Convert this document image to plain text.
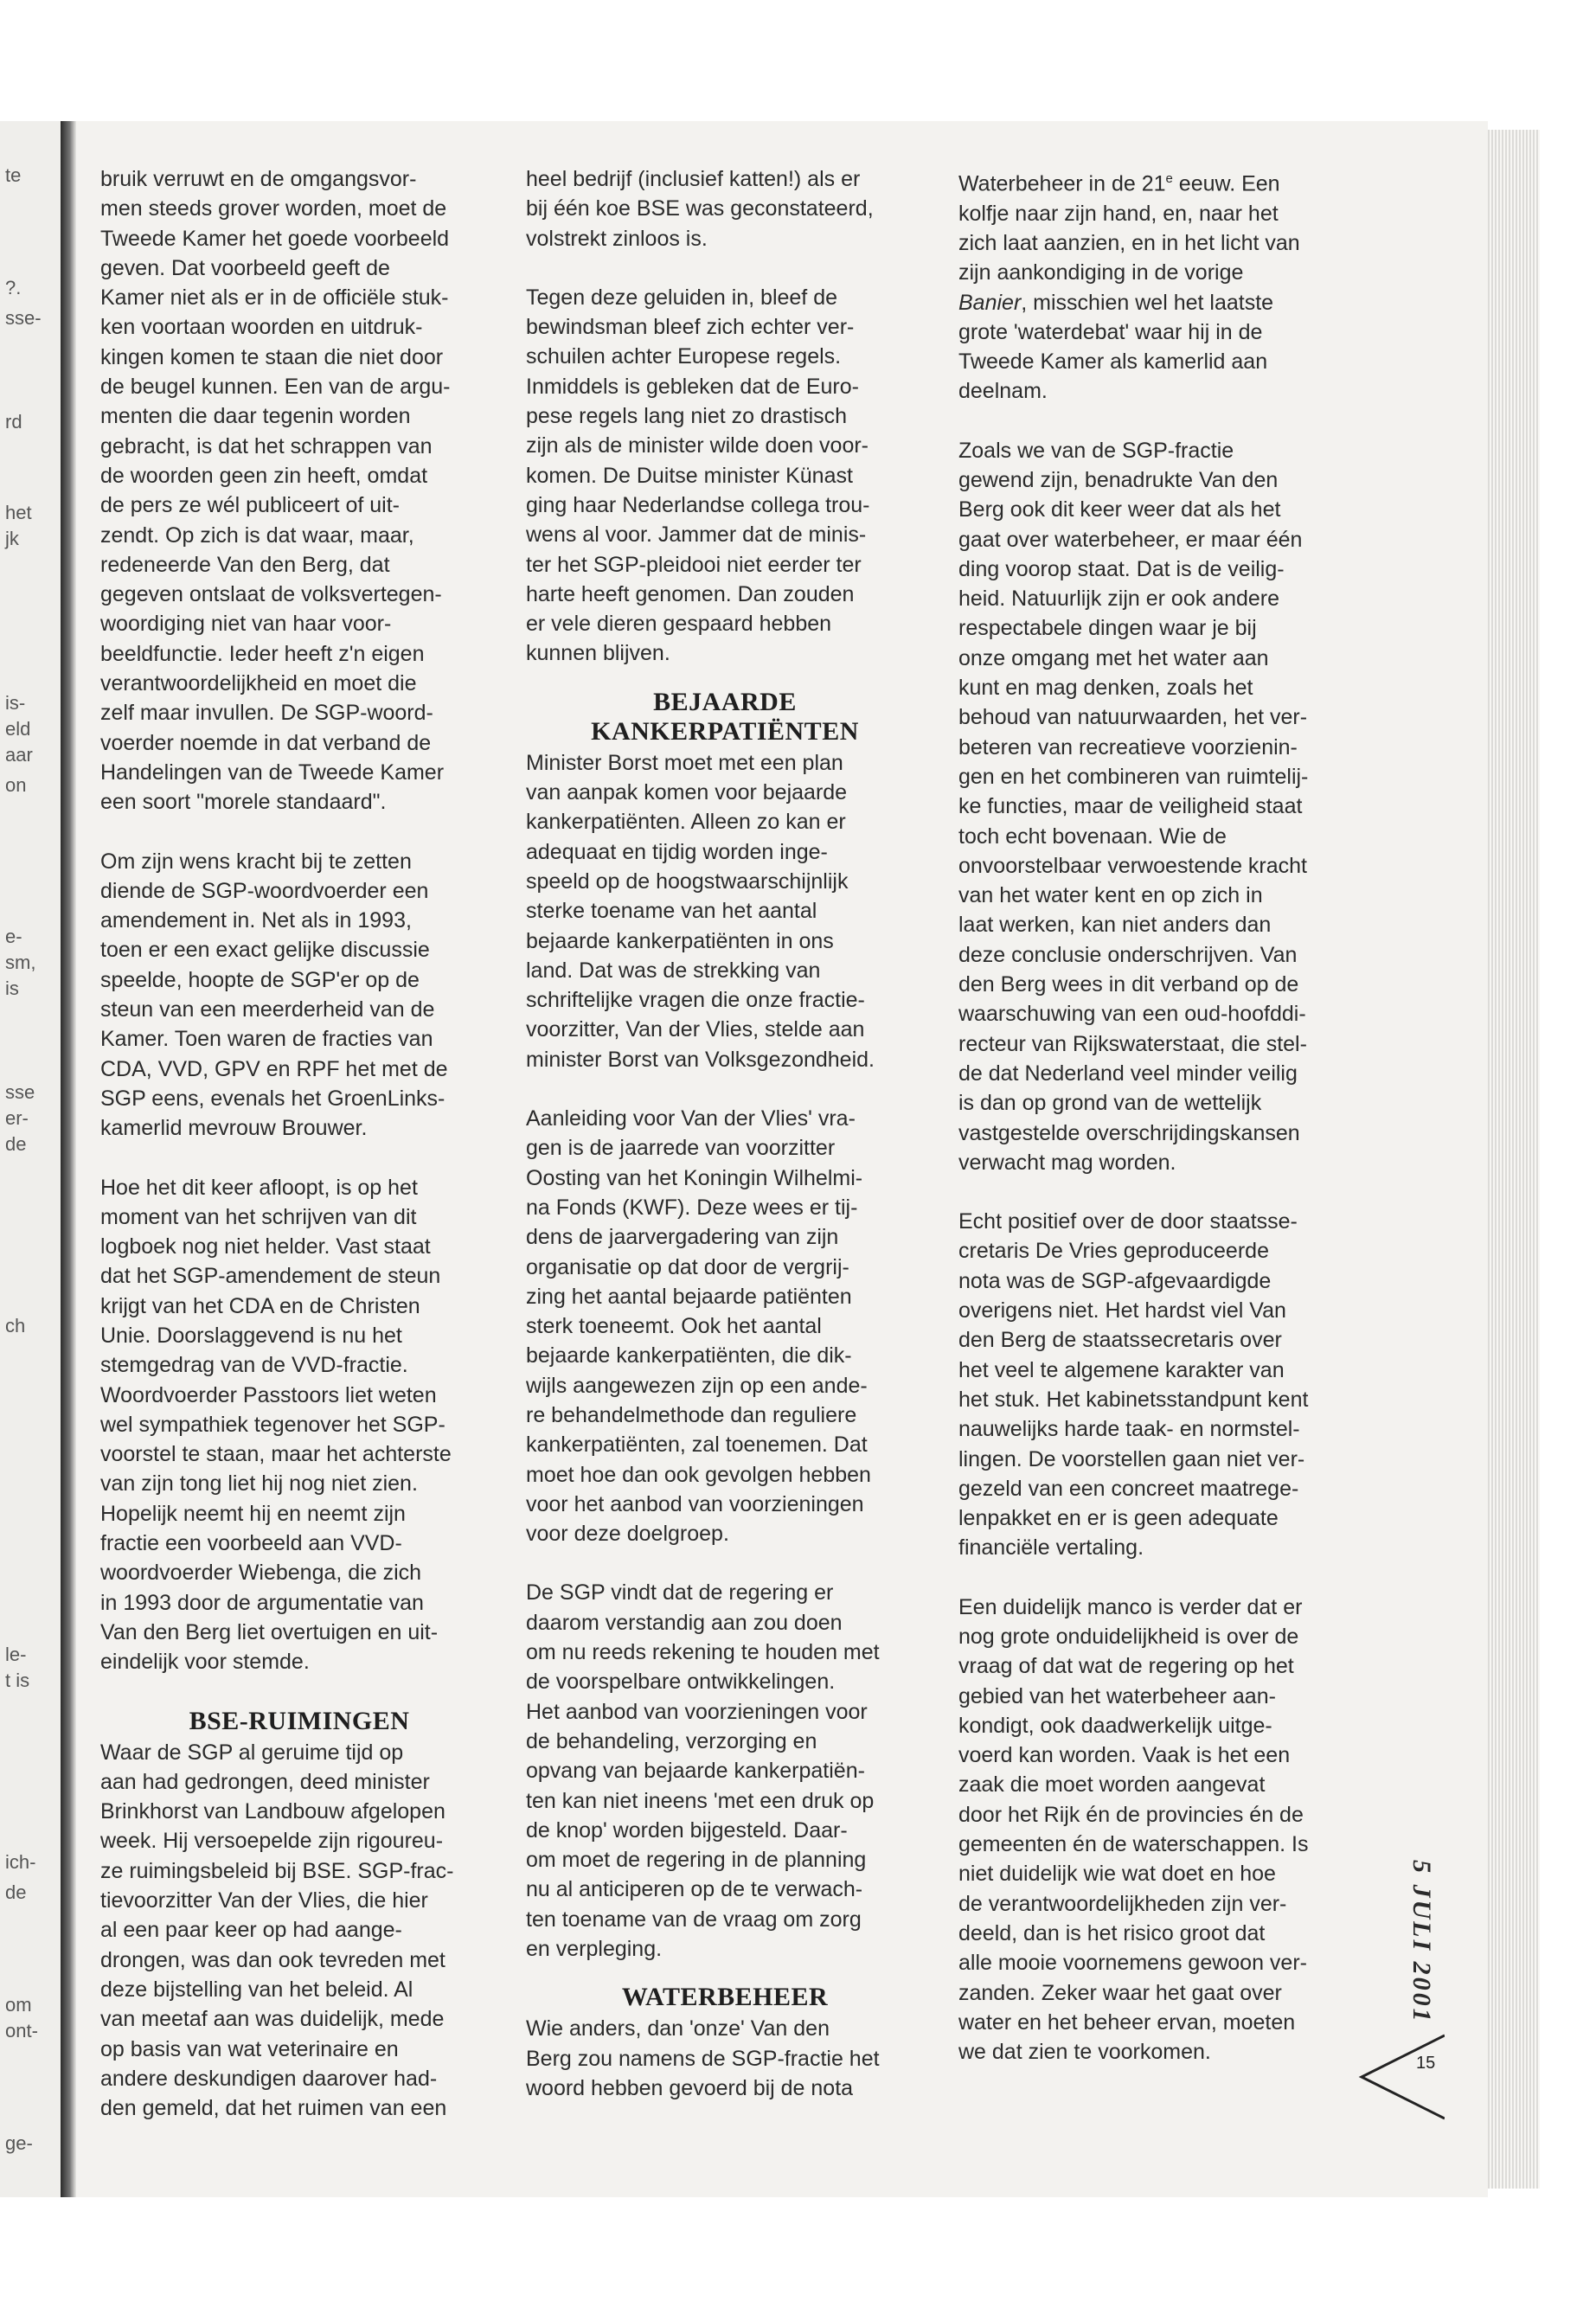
te
?.
sse-
rd
het
jk
is-
eld
aar
on
e-
sm,
is
sse
er-
de
ch
le-
t is
ich-
de
om
ont-
ge-

bruik verruwt en de omgangsvor-
men steeds grover worden, moet de
Tweede Kamer het goede voorbeeld
geven. Dat voorbeeld geeft de
Kamer niet als er in de officiële stuk-
ken voortaan woorden en uitdruk-
kingen komen te staan die niet door
de beugel kunnen. Een van de argu-
menten die daar tegenin worden
gebracht, is dat het schrappen van
de woorden geen zin heeft, omdat
de pers ze wél publiceert of uit-
zendt. Op zich is dat waar, maar,
redeneerde Van den Berg, dat
gegeven ontslaat de volksvertegen-
woordiging niet van haar voor-
beeldfunctie. Ieder heeft z'n eigen
verantwoordelijkheid en moet die
zelf maar invullen. De SGP-woord-
voerder noemde in dat verband de
Handelingen van de Tweede Kamer
een soort "morele standaard".

Om zijn wens kracht bij te zetten
diende de SGP-woordvoerder een
amendement in. Net als in 1993,
toen er een exact gelijke discussie
speelde, hoopte de SGP'er op de
steun van een meerderheid van de
Kamer. Toen waren de fracties van
CDA, VVD, GPV en RPF het met de
SGP eens, evenals het GroenLinks-
kamerlid mevrouw Brouwer.

Hoe het dit keer afloopt, is op het
moment van het schrijven van dit
logboek nog niet helder. Vast staat
dat het SGP-amendement de steun
krijgt van het CDA en de Christen
Unie. Doorslaggevend is nu het
stemgedrag van de VVD-fractie.
Woordvoerder Passtoors liet weten
wel sympathiek tegenover het SGP-
voorstel te staan, maar het achterste
van zijn tong liet hij nog niet zien.
Hopelijk neemt hij en neemt zijn
fractie een voorbeeld aan VVD-
woordvoerder Wiebenga, die zich
in 1993 door de argumentatie van
Van den Berg liet overtuigen en uit-
eindelijk voor stemde.

BSE-RUIMINGEN

Waar de SGP al geruime tijd op
aan had gedrongen, deed minister
Brinkhorst van Landbouw afgelopen
week. Hij versoepelde zijn rigoureu-
ze ruimingsbeleid bij BSE. SGP-frac-
tievoorzitter Van der Vlies, die hier
al een paar keer op had aange-
drongen, was dan ook tevreden met
deze bijstelling van het beleid. Al
van meetaf aan was duidelijk, mede
op basis van wat veterinaire en
andere deskundigen daarover had-
den gemeld, dat het ruimen van een

heel bedrijf (inclusief katten!) als er
bij één koe BSE was geconstateerd,
volstrekt zinloos is.

Tegen deze geluiden in, bleef de
bewindsman bleef zich echter ver-
schuilen achter Europese regels.
Inmiddels is gebleken dat de Euro-
pese regels lang niet zo drastisch
zijn als de minister wilde doen voor-
komen. De Duitse minister Künast
ging haar Nederlandse collega trou-
wens al voor. Jammer dat de minis-
ter het SGP-pleidooi niet eerder ter
harte heeft genomen. Dan zouden
er vele dieren gespaard hebben
kunnen blijven.

BEJAARDE
KANKERPATIËNTEN

Minister Borst moet met een plan
van aanpak komen voor bejaarde
kankerpatiënten. Alleen zo kan er
adequaat en tijdig worden inge-
speeld op de hoogstwaarschijnlijk
sterke toename van het aantal
bejaarde kankerpatiënten in ons
land. Dat was de strekking van
schriftelijke vragen die onze fractie-
voorzitter, Van der Vlies, stelde aan
minister Borst van Volksgezondheid.

Aanleiding voor Van der Vlies' vra-
gen is de jaarrede van voorzitter
Oosting van het Koningin Wilhelmi-
na Fonds (KWF). Deze wees er tij-
dens de jaarvergadering van zijn
organisatie op dat door de vergrij-
zing het aantal bejaarde patiënten
sterk toeneemt. Ook het aantal
bejaarde kankerpatiënten, die dik-
wijls aangewezen zijn op een ande-
re behandelmethode dan reguliere
kankerpatiënten, zal toenemen. Dat
moet hoe dan ook gevolgen hebben
voor het aanbod van voorzieningen
voor deze doelgroep.

De SGP vindt dat de regering er
daarom verstandig aan zou doen
om nu reeds rekening te houden met
de voorspelbare ontwikkelingen.
Het aanbod van voorzieningen voor
de behandeling, verzorging en
opvang van bejaarde kankerpatiën-
ten kan niet ineens 'met een druk op
de knop' worden bijgesteld. Daar-
om moet de regering in de planning
nu al anticiperen op de te verwach-
ten toename van de vraag om zorg
en verpleging.

WATERBEHEER

Wie anders, dan 'onze' Van den
Berg zou namens de SGP-fractie het
woord hebben gevoerd bij de nota

Waterbeheer in de 21e eeuw. Een
kolfje naar zijn hand, en, naar het
zich laat aanzien, en in het licht van
zijn aankondiging in de vorige
Banier, misschien wel het laatste
grote 'waterdebat' waar hij in de
Tweede Kamer als kamerlid aan
deelnam.

Zoals we van de SGP-fractie
gewend zijn, benadrukte Van den
Berg ook dit keer weer dat als het
gaat over waterbeheer, er maar één
ding voorop staat. Dat is de veilig-
heid. Natuurlijk zijn er ook andere
respectabele dingen waar je bij
onze omgang met het water aan
kunt en mag denken, zoals het
behoud van natuurwaarden, het ver-
beteren van recreatieve voorzienin-
gen en het combineren van ruimtelij-
ke functies, maar de veiligheid staat
toch echt bovenaan. Wie de
onvoorstelbaar verwoestende kracht
van het water kent en op zich in
laat werken, kan niet anders dan
deze conclusie onderschrijven. Van
den Berg wees in dit verband op de
waarschuwing van een oud-hoofddi-
recteur van Rijkswaterstaat, die stel-
de dat Nederland veel minder veilig
is dan op grond van de wettelijk
vastgestelde overschrijdingskansen
verwacht mag worden.

Echt positief over de door staatsse-
cretaris De Vries geproduceerde
nota was de SGP-afgevaardigde
overigens niet. Het hardst viel Van
den Berg de staatssecretaris over
het veel te algemene karakter van
het stuk. Het kabinetsstandpunt kent
nauwelijks harde taak- en normstel-
lingen. De voorstellen gaan niet ver-
gezeld van een concreet maatrege-
lenpakket en er is geen adequate
financiële vertaling.

Een duidelijk manco is verder dat er
nog grote onduidelijkheid is over de
vraag of dat wat de regering op het
gebied van het waterbeheer aan-
kondigt, ook daadwerkelijk uitge-
voerd kan worden. Vaak is het een
zaak die moet worden aangevat
door het Rijk én de provincies én de
gemeenten én de waterschappen. Is
niet duidelijk wie wat doet en hoe
de verantwoordelijkheden zijn ver-
deeld, dan is het risico groot dat
alle mooie voornemens gewoon ver-
zanden. Zeker waar het gaat over
water en het beheer ervan, moeten
we dat zien te voorkomen.

5 JULI 2001
15
